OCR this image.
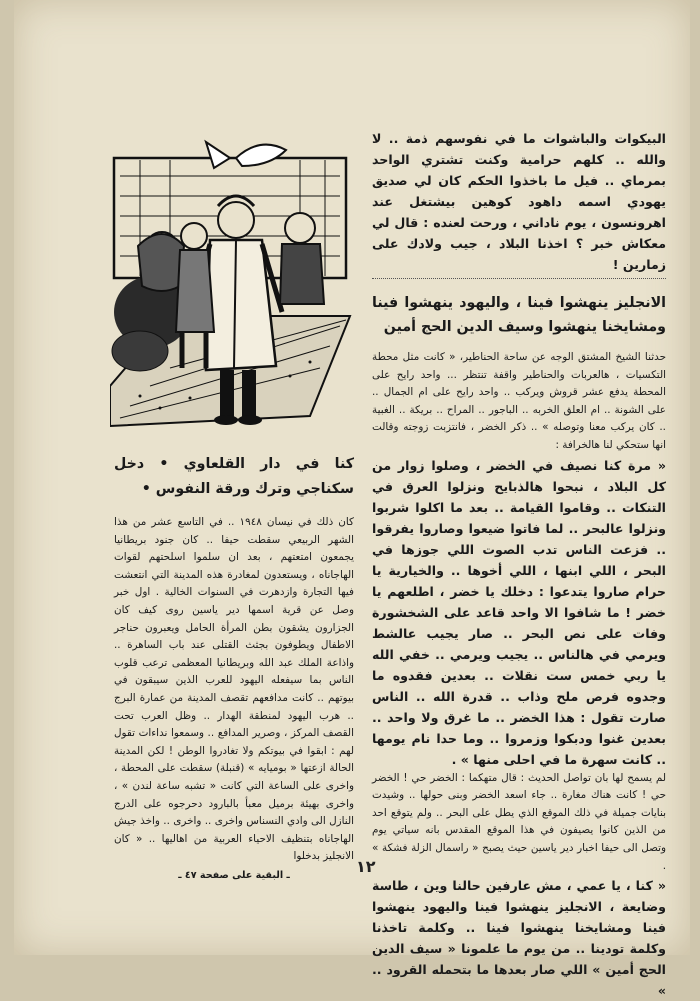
البيكوات والباشوات ما في نفوسهم ذمة .. لا والله .. كلهم حرامية وكنت تشتري الواحد بمرماي .. فيل ما باخذوا الحكم كان لي صديق يهودي اسمه داهود كوهين بيشتغل عند اهرونسون ، يوم ناداني ، ورحت لعنده : قال لي معكاش خبر ؟ اخذنا البلاد ، جيب ولادك على زمارين !

الانجليز ينهشوا فينا ، واليهود ينهشوا فينا ومشايخنا ينهشوا وسيف الدين الحج أمين

حدثنا الشيخ المشتق الوجه عن ساحة الحناطير، « كانت مثل محطة التكسيات ، هالعربات والحناطير واقفة تنتظر ... واحد رايح على المحطة يدفع عشر قروش ويركب .. واحد رايح على ام الجمال .. على الشونة .. ام العلق الخربه .. الباجور .. المراح .. بريكة .. الغبية .. كان يركب معنا وتوصله » .. ذكر الخضر ، فانتزبت زوجته وقالت انها ستحكي لنا هالخرافة :

« مرة كنا نصيف في الخضر ، وصلوا زوار من كل البلاد ، نبحوا هالذبايح ونزلوا العرق في التنكات .. وقاموا القيامة .. بعد ما اكلوا شربوا ونزلوا عالبحر .. لما فاتوا ضيعوا وصاروا يفرقوا .. فزعت الناس تدب الصوت اللي جوزها في البحر ، اللي ابنها ، اللي أخوها .. والخيارية يا حرام صاروا يتدعوا : دخلك يا خضر ، اطلعهم يا خضر ! ما شافوا الا واحد قاعد على الشخشورة وفات على نص البحر .. صار يجيب عالشط ويرمي في هالناس .. يجيب ويرمي .. خفي الله يا ربي خمس ست نقلات .. بعدين فقدوه ما وجدوه فرص ملح وذاب .. قدرة الله .. الناس صارت تقول : هذا الخضر .. ما غرق ولا واحد .. بعدين غنوا ودبكوا وزمروا .. وما حدا نام يومها .. كانت سهرة ما في احلى منها » .

لم يسمح لها بان تواصل الحديث : قال متهكما : الخضر حي ! الخضر حي ! كانت هناك مغارة .. جاء اسعد الخضر وبنى حولها .. وشيدت بنايات جميلة في ذلك الموقع الذي يطل على البحر .. ولم يتوقع احد من الذين كانوا يصيفون في هذا الموقع المقدس بانه سياتي يوم وتصل الى حيفا اخبار دير ياسين حيث يصبح « راسمال الزلة فشكة » .

« كنا ، يا عمي ، مش عارفين حالنا وين ، طاسة وضايعة ، الانجليز ينهشوا فينا واليهود ينهشوا فينا ومشايخنا ينهشوا فينا .. وكلمة تاخذنا وكلمة تودينا .. من يوم ما علمونا « سيف الدين الحج أمين » اللي صار بعدها ما بتحمله القرود .. »

كنا في دار القلعاوي • دخل سكناجي وترك ورقة النفوس •

كان ذلك في نيسان ١٩٤٨ .. في التاسع عشر من هذا الشهر الربيعي سقطت حيفا .. كان جنود بريطانيا يجمعون امتعتهم ، بعد ان سلموا اسلحتهم لقوات الهاجاناه ، ويستعدون لمغادرة هذه المدينة التي انتعشت فيها التجارة وازدهرت في السنوات الخالية . اول خبر وصل عن قرية اسمها دير ياسين روى كيف كان الجزارون يشقون بطن المرأة الحامل ويعبرون حناجر الاطفال ويطوفون بجثث القتلى عند باب الساهرة .. واذاعة الملك عبد الله وبريطانيا المعظمى ترعب قلوب الناس بما سيفعله اليهود للعرب الذين سيبقون في بيوتهم .. كانت مدافعهم تقصف المدينة من عمارة البرج .. هرب اليهود لمنطقة الهدار .. وظل العرب تحت القصف المركز ، وصرير المدافع .. وسمعوا نداءات تقول لهم : ابقوا في بيوتكم ولا تغادروا الوطن ! لكن المدينة الحالة ازعتها « بوميايه » (قنبلة) سقطت على المحطة ، واخرى على الساعة التي كانت « تشبه ساعة لندن » ، واخرى بهيئة برميل معبأ بالبارود دحرجوه على الدرج النازل الى وادي النسناس واخرى .. واخرى .. واخذ جيش الهاجاناه بتنظيف الاحياء العربية من اهاليها .. « كان الانجليز بدخلوا

ـ البقية على صفحة ٤٧ ـ	١٢
